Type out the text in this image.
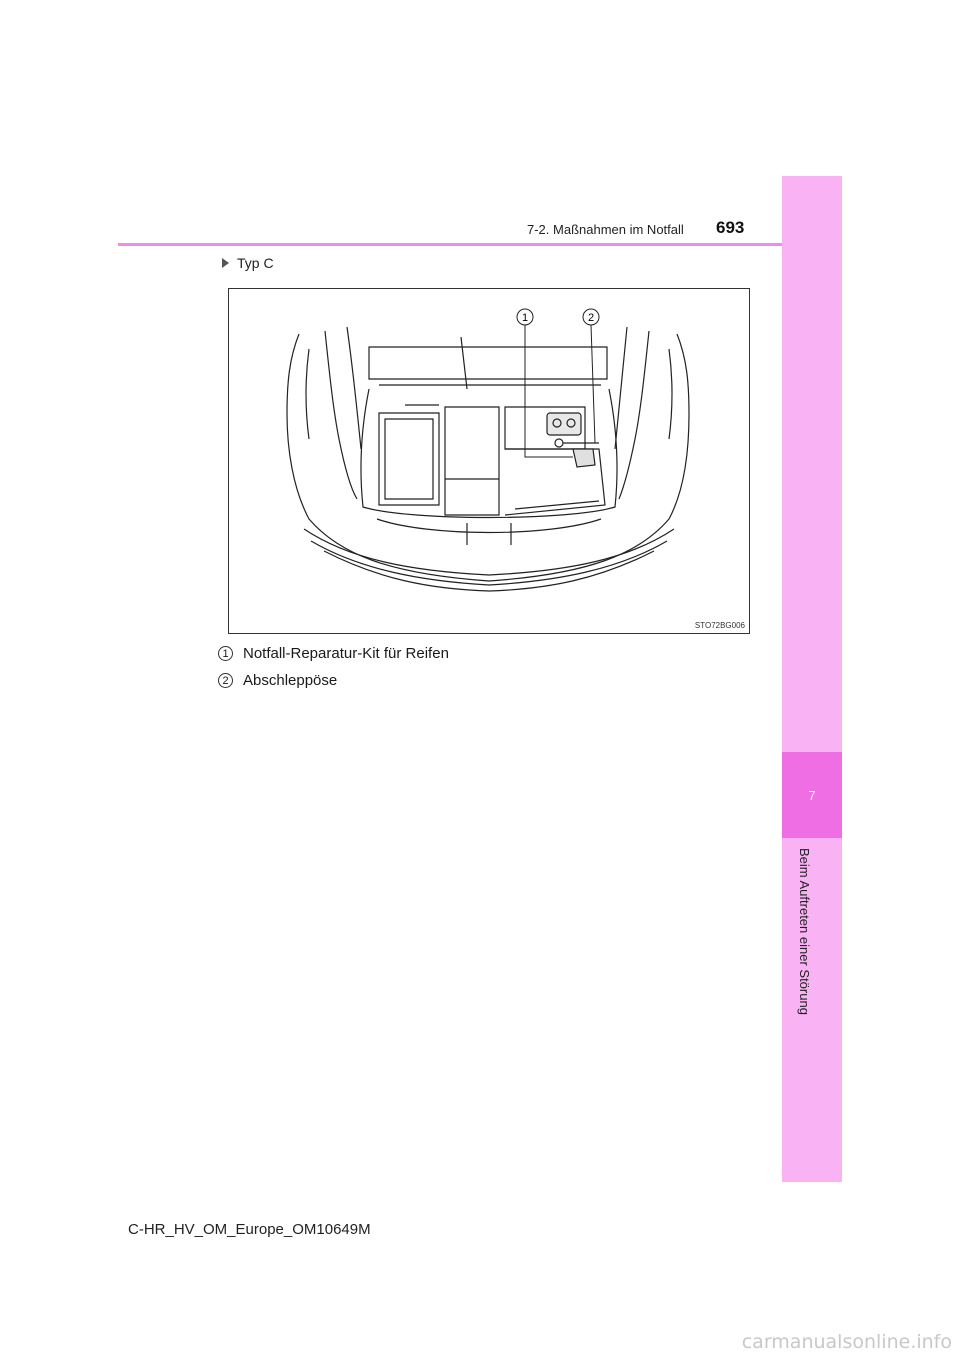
7
Beim Auftreten einer Störung
7-2. Maßnahmen im Notfall 693
Typ C
1	2
STO72BG006
1 Notfall-Reparatur-Kit für Reifen
2 Abschleppöse
C-HR_HV_OM_Europe_OM10649M
carmanualsonline.info
